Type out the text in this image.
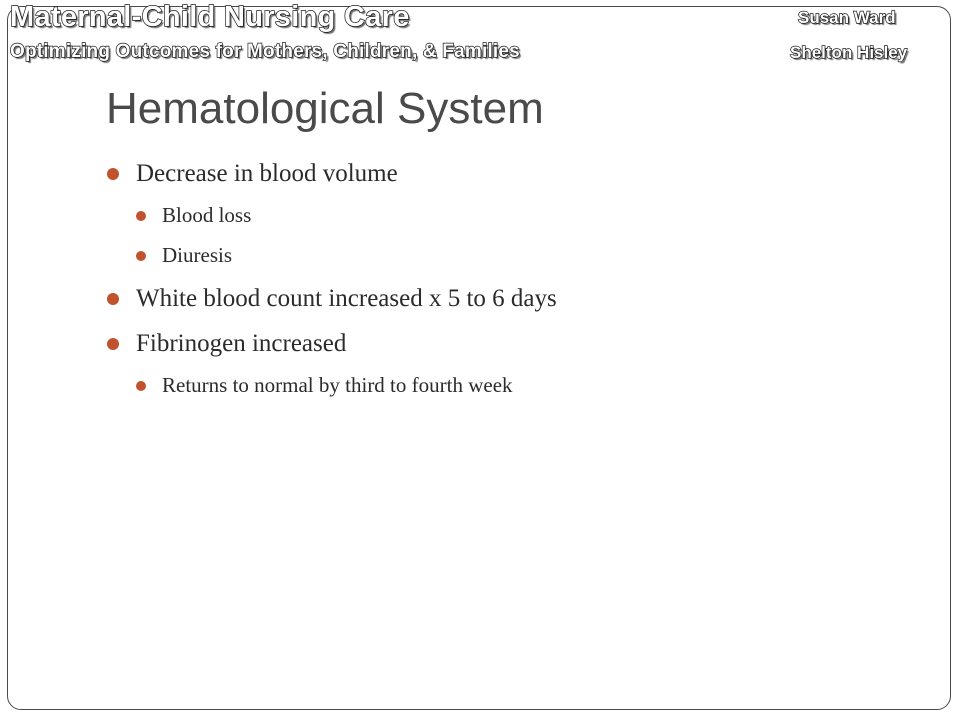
Maternal-Child Nursing Care
Optimizing Outcomes for Mothers, Children, & Families
Susan Ward
Shelton Hisley
Hematological System
Decrease in blood volume
Blood loss
Diuresis
White blood count increased x 5 to 6 days
Fibrinogen increased
Returns to normal by third to fourth week
